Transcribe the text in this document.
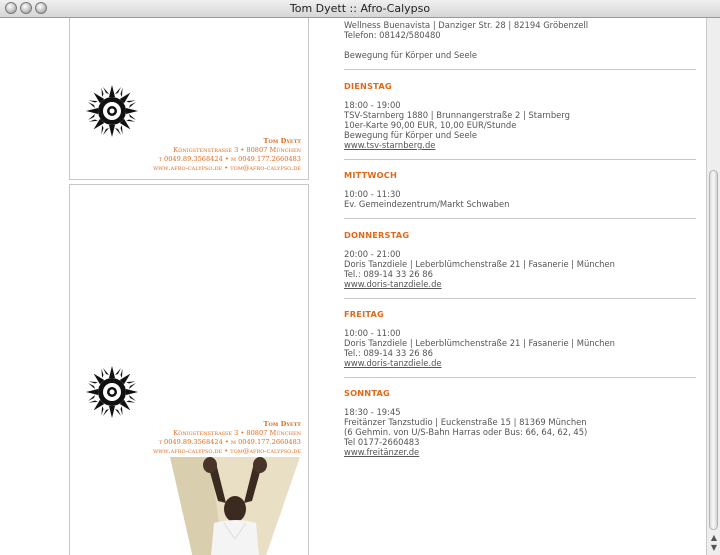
Tom Dyett :: Afro-Calypso
Tom Dyett
Königstenstrasse 3 • 80807 München
t 0049.89.3568424 • m 0049.177.2660483
www.afro-calypso.de • tom@afro-calypso.de
Tom Dyett
Königstenstrasse 3 • 80807 München
t 0049.89.3568424 • m 0049.177.2660483
www.afro-calypso.de • tom@afro-calypso.de

Wellness Buenavista | Danziger Str. 28 | 82194 Gröbenzell

Telefon: 08142/580480

Bewegung für Körper und Seele

DIENSTAG

18:00 - 19:00

TSV-Starnberg 1880 | Brunnangerstraße 2 | Starnberg

10er-Karte 90,00 EUR, 10,00 EUR/Stunde

Bewegung für Körper und Seele

www.tsv-starnberg.de

MITTWOCH

10:00 - 11:30

Ev. Gemeindezentrum/Markt Schwaben

DONNERSTAG

20:00 - 21:00

Doris Tanzdiele | Leberblümchenstraße 21 | Fasanerie | München

Tel.: 089-14 33 26 86

www.doris-tanzdiele.de

FREITAG

10:00 - 11:00

Doris Tanzdiele | Leberblümchenstraße 21 | Fasanerie | München

Tel.: 089-14 33 26 86

www.doris-tanzdiele.de

SONNTAG

18:30 - 19:45

Freitänzer Tanzstudio | Euckenstraße 15 | 81369 München

(6 Gehmin. von U/S-Bahn Harras oder Bus: 66, 64, 62, 45)

Tel 0177-2660483

www.freitänzer.de

▲
▼
